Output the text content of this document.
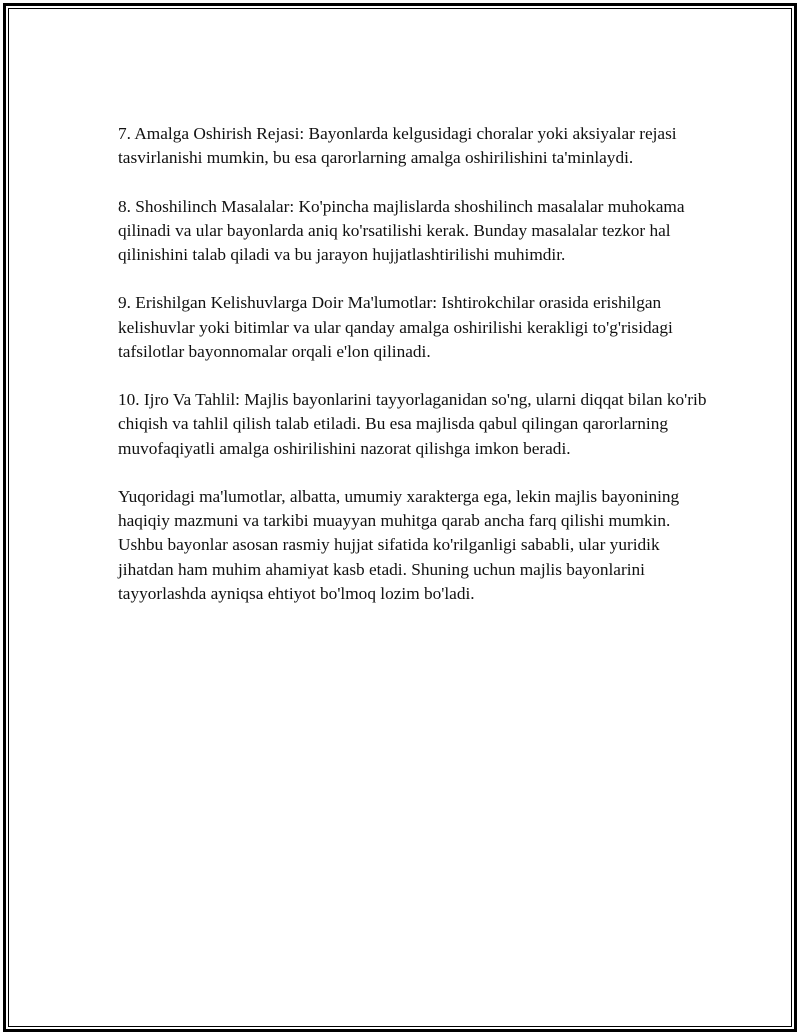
7. Amalga Oshirish Rejasi: Bayonlarda kelgusidagi choralar yoki aksiyalar rejasi tasvirlanishi mumkin, bu esa qarorlarning amalga oshirilishini ta'minlaydi.

8. Shoshilinch Masalalar: Ko'pincha majlislarda shoshilinch masalalar muhokama qilinadi va ular bayonlarda aniq ko'rsatilishi kerak. Bunday masalalar tezkor hal qilinishini talab qiladi va bu jarayon hujjatlashtirilishi muhimdir.

9. Erishilgan Kelishuvlarga Doir Ma'lumotlar: Ishtirokchilar orasida erishilgan kelishuvlar yoki bitimlar va ular qanday amalga oshirilishi kerakligi to'g'risidagi tafsilotlar bayonnomalar orqali e'lon qilinadi.

10. Ijro Va Tahlil: Majlis bayonlarini tayyorlaganidan so'ng, ularni diqqat bilan ko'rib chiqish va tahlil qilish talab etiladi. Bu esa majlisda qabul qilingan qarorlarning muvofaqiyatli amalga oshirilishini nazorat qilishga imkon beradi.

Yuqoridagi ma'lumotlar, albatta, umumiy xarakterga ega, lekin majlis bayonining haqiqiy mazmuni va tarkibi muayyan muhitga qarab ancha farq qilishi mumkin. Ushbu bayonlar asosan rasmiy hujjat sifatida ko'rilganligi sababli, ular yuridik jihatdan ham muhim ahamiyat kasb etadi. Shuning uchun majlis bayonlarini tayyorlashda ayniqsa ehtiyot bo'lmoq lozim bo'ladi.
